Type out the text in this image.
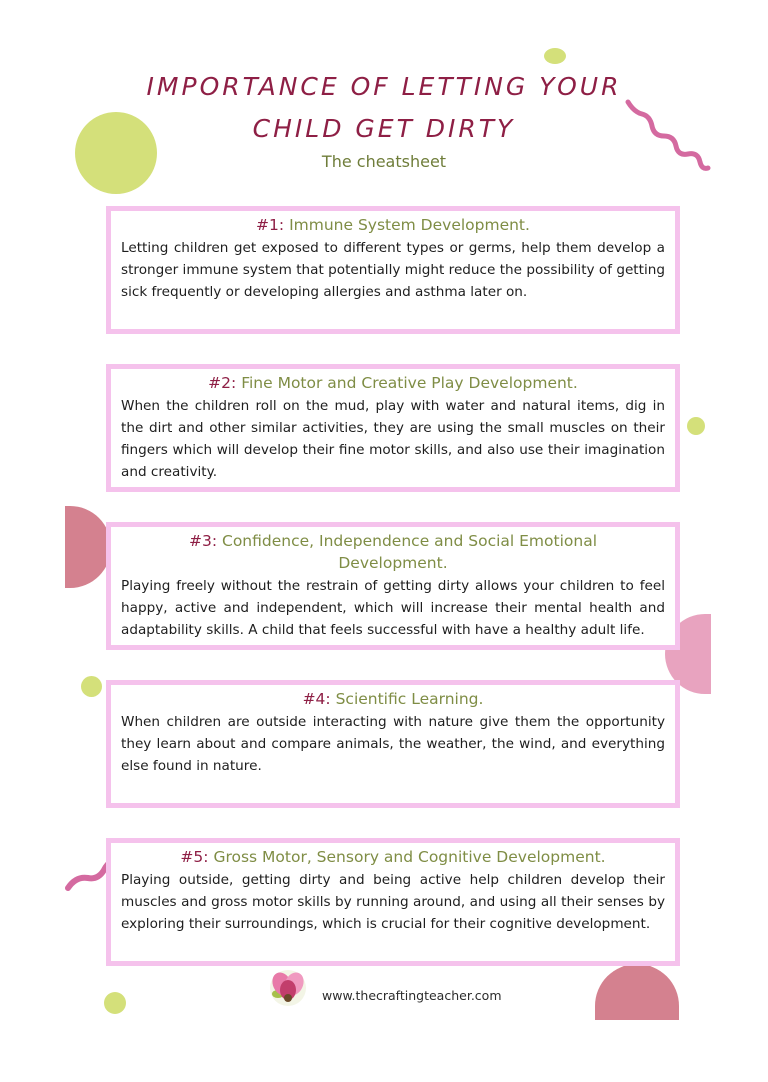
IMPORTANCE OF LETTING YOUR
CHILD GET DIRTY
The cheatsheet
#1: Immune System Development.
Letting children get exposed to different types or germs, help them develop a stronger immune system that potentially might reduce the possibility of getting sick frequently or developing allergies and asthma later on.
#2: Fine Motor and Creative Play Development.
When the children roll on the mud, play with water and natural items, dig in the dirt and other similar activities, they are using the small muscles on their fingers which will develop their fine motor skills, and also use their imagination and creativity.
#3: Confidence, Independence and Social Emotional Development.
Playing freely without the restrain of getting dirty allows your children to feel happy, active and independent, which will increase their mental health and adaptability skills. A child that feels successful with have a healthy adult life.
#4: Scientific Learning.
When children are outside interacting with nature give them the opportunity they learn about and compare animals, the weather, the wind, and everything else found in nature.
#5: Gross Motor, Sensory and Cognitive Development.
Playing outside, getting dirty and being active help children develop their muscles and gross motor skills by running around, and using all their senses by exploring their surroundings, which is crucial for their cognitive development.
www.thecraftingteacher.com
